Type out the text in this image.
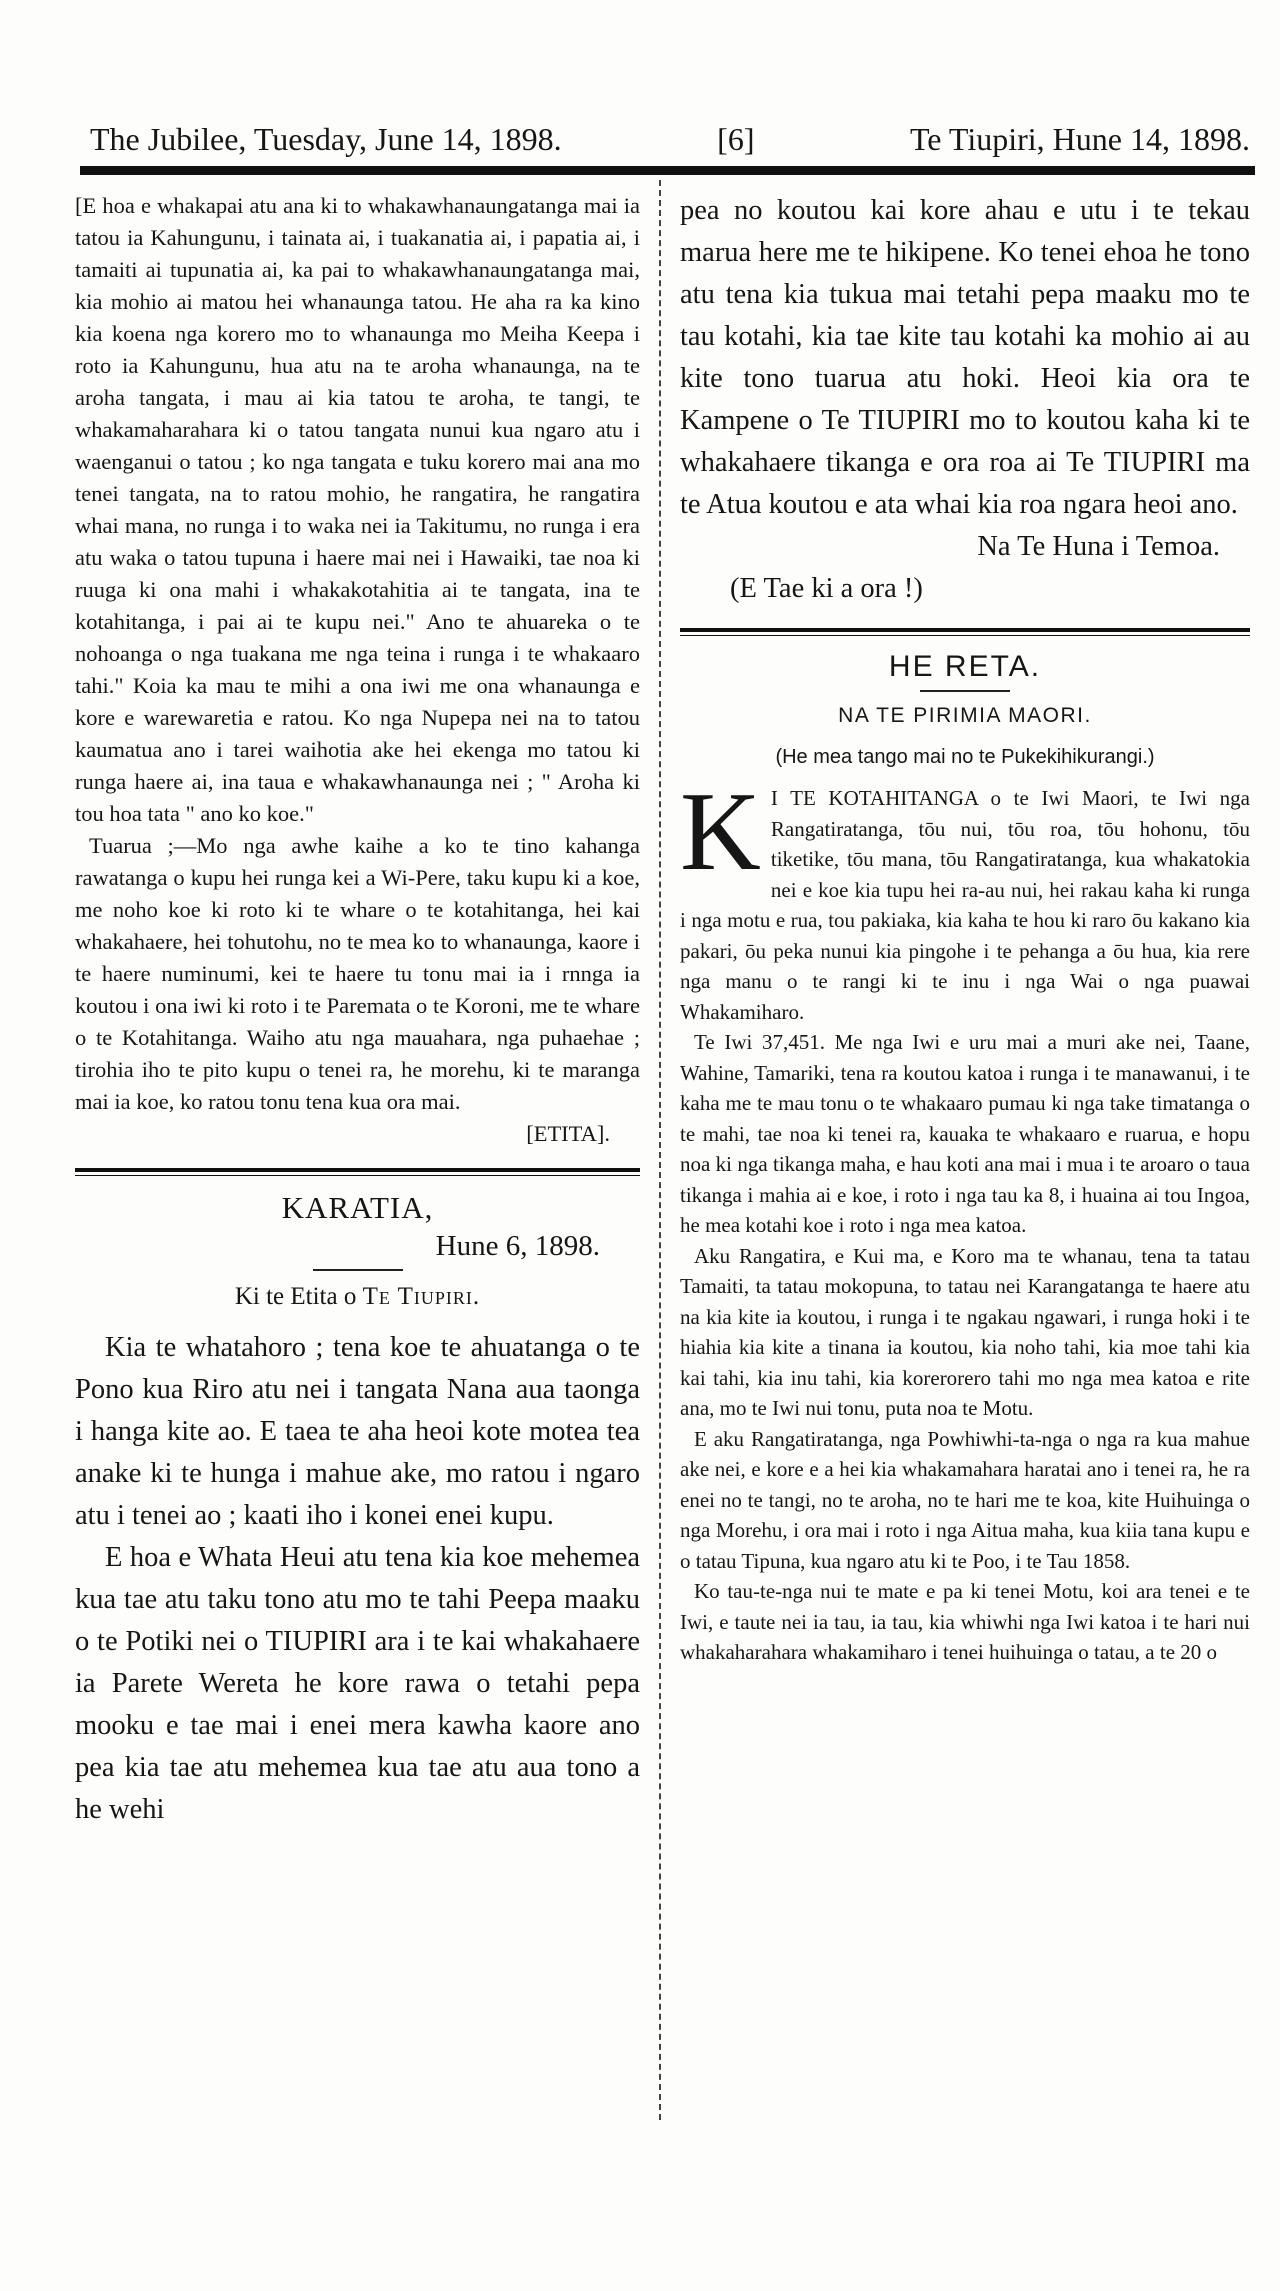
The Jubilee, Tuesday, June 14, 1898.	[6]	Te Tiupiri, Hune 14, 1898.

[E hoa e whakapai atu ana ki to whakawhanaungatanga mai ia tatou ia Kahungunu, i tainata ai, i tuakanatia ai, i papatia ai, i tamaiti ai tupunatia ai, ka pai to whakawhanaungatanga mai, kia mohio ai matou hei whanaunga tatou. He aha ra ka kino kia koena nga korero mo to whanaunga mo Meiha Keepa i roto ia Kahungunu, hua atu na te aroha whanaunga, na te aroha tangata, i mau ai kia tatou te aroha, te tangi, te whakamaharahara ki o tatou tangata nunui kua ngaro atu i waenganui o tatou ; ko nga tangata e tuku korero mai ana mo tenei tangata, na to ratou mohio, he rangatira, he rangatira whai mana, no runga i to waka nei ia Takitumu, no runga i era atu waka o tatou tupuna i haere mai nei i Hawaiki, tae noa ki ruuga ki ona mahi i whakakotahitia ai te tangata, ina te kotahitanga, i pai ai te kupu nei." Ano te ahuareka o te nohoanga o nga tuakana me nga teina i runga i te whakaaro tahi." Koia ka mau te mihi a ona iwi me ona whanaunga e kore e warewaretia e ratou. Ko nga Nupepa nei na to tatou kaumatua ano i tarei waihotia ake hei ekenga mo tatou ki runga haere ai, ina taua e whakawhanaunga nei ; " Aroha ki tou hoa tata " ano ko koe."

Tuarua ;—Mo nga awhe kaihe a ko te tino kahanga rawatanga o kupu hei runga kei a Wi-Pere, taku kupu ki a koe, me noho koe ki roto ki te whare o te kotahitanga, hei kai whakahaere, hei tohutohu, no te mea ko to whanaunga, kaore i te haere numinumi, kei te haere tu tonu mai ia i rnnga ia koutou i ona iwi ki roto i te Paremata o te Koroni, me te whare o te Kotahitanga. Waiho atu nga mauahara, nga puhaehae ; tirohia iho te pito kupu o tenei ra, he morehu, ki te maranga mai ia koe, ko ratou tonu tena kua ora mai.

[ETITA].

KARATIA,
Hune 6, 1898.
Ki te Etita o Te Tiupiri.

Kia te whatahoro ; tena koe te ahuatanga o te Pono kua Riro atu nei i tangata Nana aua taonga i hanga kite ao. E taea te aha heoi kote motea tea anake ki te hunga i mahue ake, mo ratou i ngaro atu i tenei ao ; kaati iho i konei enei kupu.

E hoa e Whata Heui atu tena kia koe mehemea kua tae atu taku tono atu mo te tahi Peepa maaku o te Potiki nei o TIUPIRI ara i te kai whakahaere ia Parete Wereta he kore rawa o tetahi pepa mooku e tae mai i enei mera kawha kaore ano pea kia tae atu mehemea kua tae atu aua tono a he wehi

pea no koutou kai kore ahau e utu i te tekau marua here me te hikipene. Ko tenei ehoa he tono atu tena kia tukua mai tetahi pepa maaku mo te tau kotahi, kia tae kite tau kotahi ka mohio ai au kite tono tuarua atu hoki. Heoi kia ora te Kampene o Te TIUPIRI mo to koutou kaha ki te whakahaere tikanga e ora roa ai Te TIUPIRI ma te Atua koutou e ata whai kia roa ngara heoi ano.

Na Te Huna i Temoa.

(E Tae ki a ora !)

HE RETA.
NA TE PIRIMIA MAORI.
(He mea tango mai no te Pukekihikurangi.)

K I TE KOTAHITANGA o te Iwi Maori, te Iwi nga Rangatiratanga, tōu nui, tōu roa, tōu hohonu, tōu tiketike, tōu mana, tōu Rangatiratanga, kua whakatokia nei e koe kia tupu hei ra-au nui, hei rakau kaha ki runga i nga motu e rua, tou pakiaka, kia kaha te hou ki raro ōu kakano kia pakari, ōu peka nunui kia pingohe i te pehanga a ōu hua, kia rere nga manu o te rangi ki te inu i nga Wai o nga puawai Whakamiharo.

Te Iwi 37,451. Me nga Iwi e uru mai a muri ake nei, Taane, Wahine, Tamariki, tena ra koutou katoa i runga i te manawanui, i te kaha me te mau tonu o te whakaaro pumau ki nga take timatanga o te mahi, tae noa ki tenei ra, kauaka te whakaaro e ruarua, e hopu noa ki nga tikanga maha, e hau koti ana mai i mua i te aroaro o taua tikanga i mahia ai e koe, i roto i nga tau ka 8, i huaina ai tou Ingoa, he mea kotahi koe i roto i nga mea katoa.

Aku Rangatira, e Kui ma, e Koro ma te whanau, tena ta tatau Tamaiti, ta tatau mokopuna, to tatau nei Karangatanga te haere atu na kia kite ia koutou, i runga i te ngakau ngawari, i runga hoki i te hiahia kia kite a tinana ia koutou, kia noho tahi, kia moe tahi kia kai tahi, kia inu tahi, kia korerorero tahi mo nga mea katoa e rite ana, mo te Iwi nui tonu, puta noa te Motu.

E aku Rangatiratanga, nga Powhiwhi-ta-nga o nga ra kua mahue ake nei, e kore e a hei kia whakamahara haratai ano i tenei ra, he ra enei no te tangi, no te aroha, no te hari me te koa, kite Huihuinga o nga Morehu, i ora mai i roto i nga Aitua maha, kua kiia tana kupu e o tatau Tipuna, kua ngaro atu ki te Poo, i te Tau 1858.

Ko tau-te-nga nui te mate e pa ki tenei Motu, koi ara tenei e te Iwi, e taute nei ia tau, ia tau, kia whiwhi nga Iwi katoa i te hari nui whakaharahara whakamiharo i tenei huihuinga o tatau, a te 20 o
